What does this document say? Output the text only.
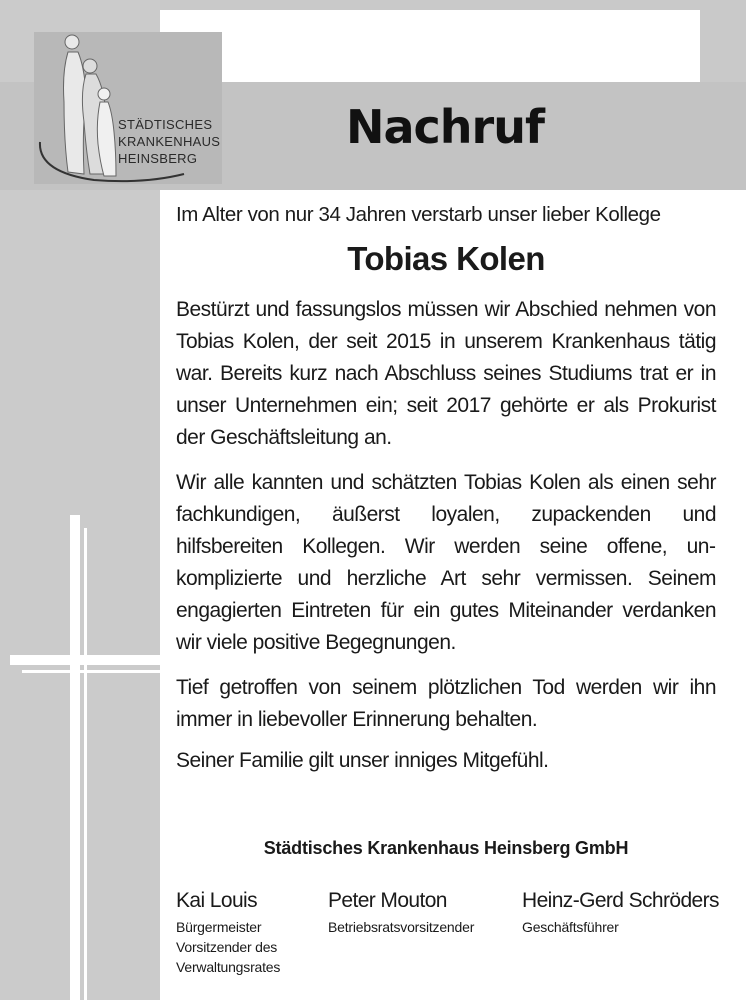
STÄDTISCHES
KRANKENHAUS
HEINSBERG
Nachruf
Im Alter von nur 34 Jahren verstarb unser lieber Kollege
Tobias Kolen
Bestürzt und fassungslos müssen wir Abschied nehmen von Tobias Kolen, der seit 2015 in unserem Krankenhaus tätig war. Bereits kurz nach Abschluss seines Studiums trat er in unser Unternehmen ein; seit 2017 gehörte er als Prokurist der Geschäftsleitung an.
Wir alle kannten und schätzten Tobias Kolen als einen sehr fachkundigen, äußerst loyalen, zupackenden und hilfsbereiten Kollegen. Wir werden seine offene, unkomplizierte und herzliche Art sehr vermissen. Seinem engagierten Eintreten für ein gutes Miteinander verdanken wir viele positive Begegnungen.
Tief getroffen von seinem plötzlichen Tod werden wir ihn immer in liebevoller Erinnerung behalten.
Seiner Familie gilt unser inniges Mitgefühl.
Städtisches Krankenhaus Heinsberg GmbH
Kai Louis
Bürgermeister
Vorsitzender des
Verwaltungsrates
Peter Mouton
Betriebsratsvorsitzender
Heinz-Gerd Schröders
Geschäftsführer
